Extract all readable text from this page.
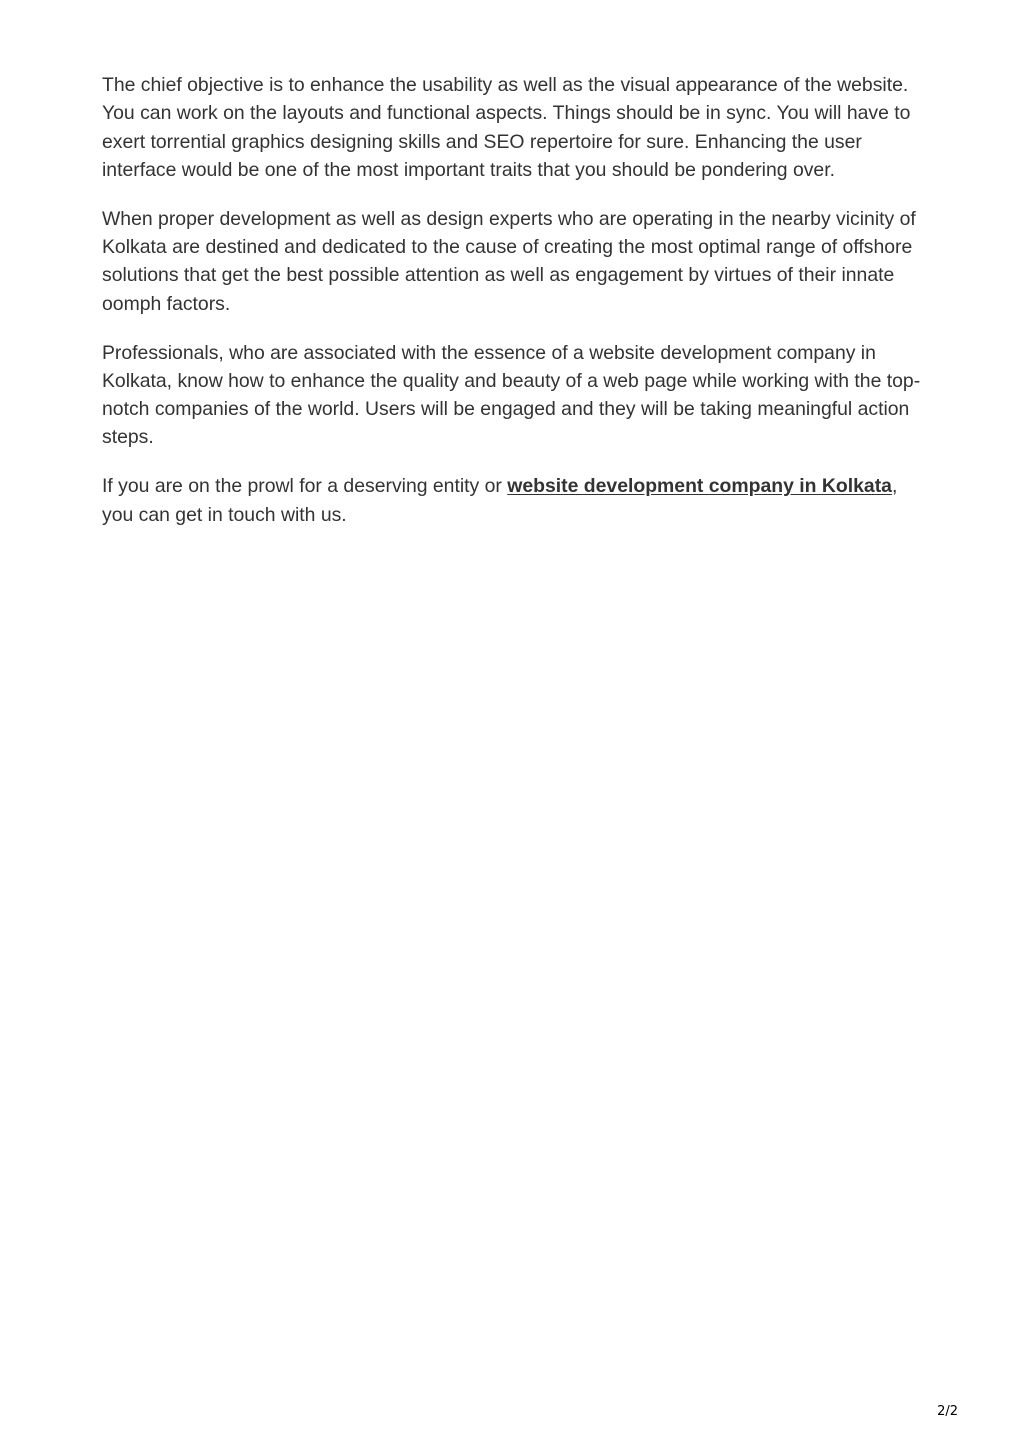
The chief objective is to enhance the usability as well as the visual appearance of the website. You can work on the layouts and functional aspects. Things should be in sync. You will have to exert torrential graphics designing skills and SEO repertoire for sure. Enhancing the user interface would be one of the most important traits that you should be pondering over.

When proper development as well as design experts who are operating in the nearby vicinity of Kolkata are destined and dedicated to the cause of creating the most optimal range of offshore solutions that get the best possible attention as well as engagement by virtues of their innate oomph factors.

Professionals, who are associated with the essence of a website development company in Kolkata, know how to enhance the quality and beauty of a web page while working with the top-notch companies of the world. Users will be engaged and they will be taking meaningful action steps.

If you are on the prowl for a deserving entity or website development company in Kolkata, you can get in touch with us.

2/2
